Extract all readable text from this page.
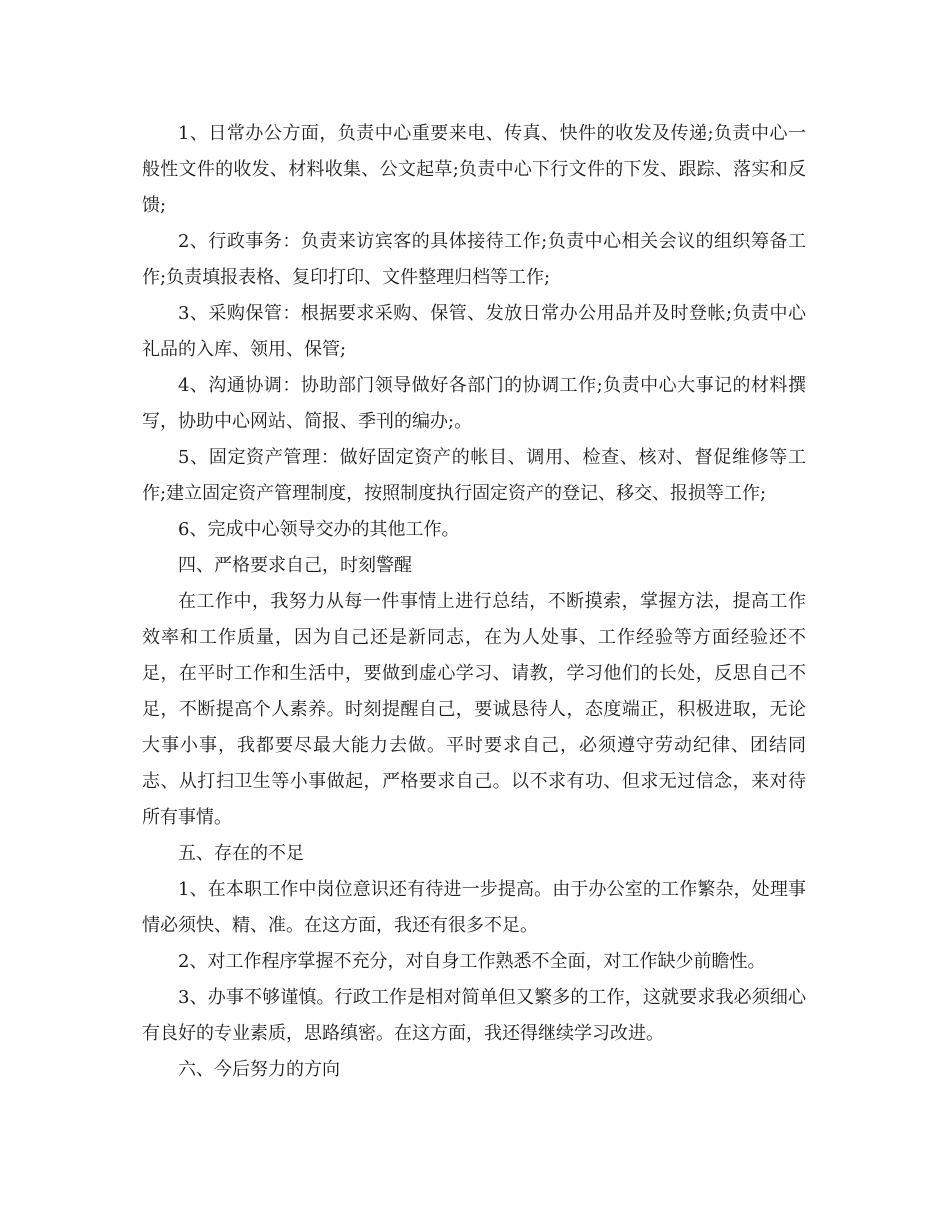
1、日常办公方面，负责中心重要来电、传真、快件的收发及传递;负责中心一般性文件的收发、材料收集、公文起草;负责中心下行文件的下发、跟踪、落实和反馈;

2、行政事务：负责来访宾客的具体接待工作;负责中心相关会议的组织筹备工作;负责填报表格、复印打印、文件整理归档等工作;

3、采购保管：根据要求采购、保管、发放日常办公用品并及时登帐;负责中心礼品的入库、领用、保管;

4、沟通协调：协助部门领导做好各部门的协调工作;负责中心大事记的材料撰写，协助中心网站、简报、季刊的编办;。

5、固定资产管理：做好固定资产的帐目、调用、检查、核对、督促维修等工作;建立固定资产管理制度，按照制度执行固定资产的登记、移交、报损等工作;

6、完成中心领导交办的其他工作。

四、严格要求自己，时刻警醒

在工作中，我努力从每一件事情上进行总结，不断摸索，掌握方法，提高工作效率和工作质量，因为自己还是新同志，在为人处事、工作经验等方面经验还不足，在平时工作和生活中，要做到虚心学习、请教，学习他们的长处，反思自己不足，不断提高个人素养。时刻提醒自己，要诚恳待人，态度端正，积极进取，无论大事小事，我都要尽最大能力去做。平时要求自己，必须遵守劳动纪律、团结同志、从打扫卫生等小事做起，严格要求自己。以不求有功、但求无过信念，来对待所有事情。

五、存在的不足

1、在本职工作中岗位意识还有待进一步提高。由于办公室的工作繁杂，处理事情必须快、精、准。在这方面，我还有很多不足。

2、对工作程序掌握不充分，对自身工作熟悉不全面，对工作缺少前瞻性。

3、办事不够谨慎。行政工作是相对简单但又繁多的工作，这就要求我必须细心有良好的专业素质，思路缜密。在这方面，我还得继续学习改进。

六、今后努力的方向
